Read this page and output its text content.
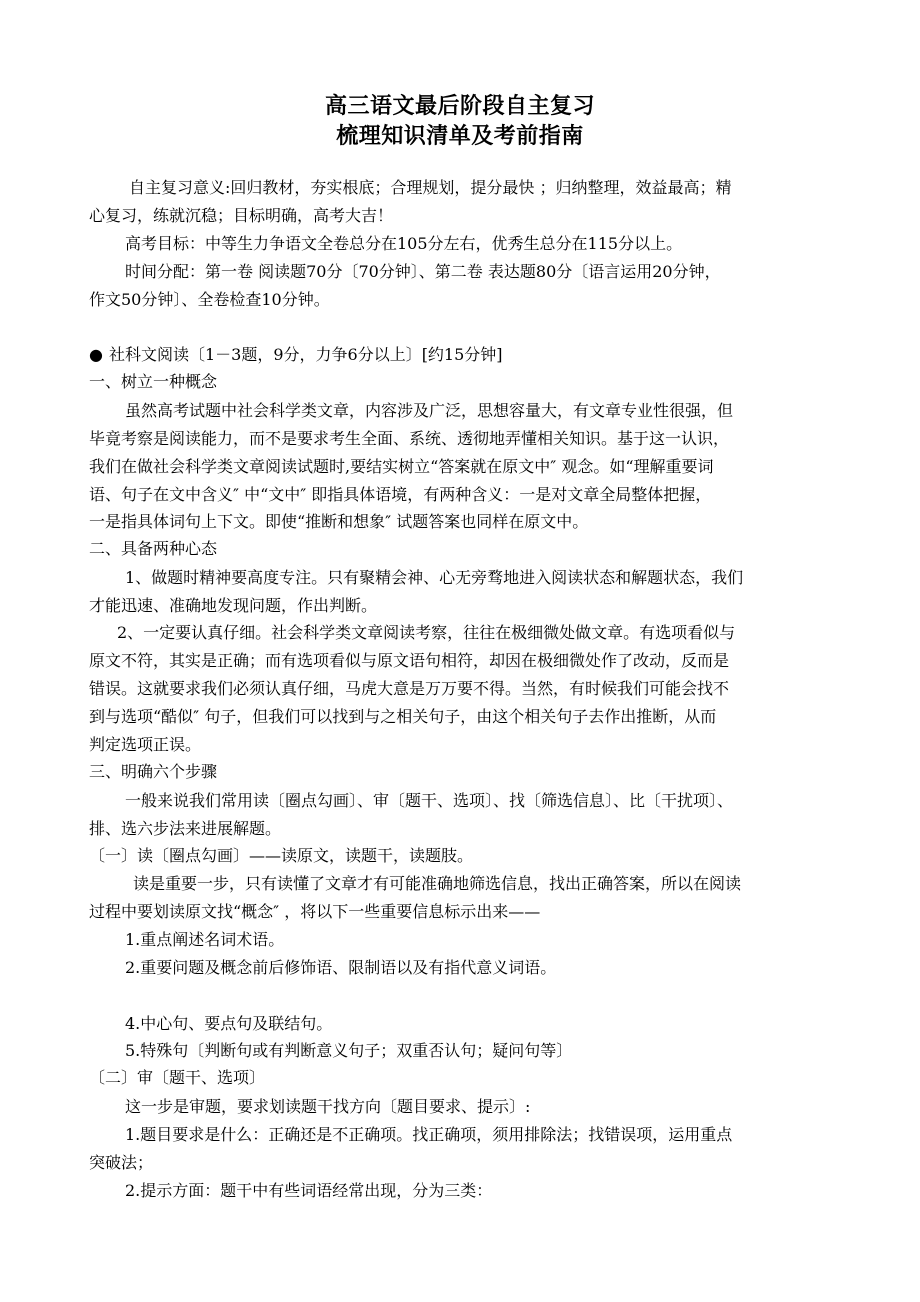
高三语文最后阶段自主复习
梳理知识清单及考前指南
自主复习意义:回归教材，夯实根底；合理规划，提分最快 ；归纳整理，效益最高；精
心复习，练就沉稳；目标明确，高考大吉！
高考目标：中等生力争语文全卷总分在105分左右，优秀生总分在115分以上。
时间分配：第一卷 阅读题70分〔70分钟〕、第二卷 表达题80分〔语言运用20分钟，
作文50分钟〕、全卷检查10分钟。
● 社科文阅读〔1－3题，9分，力争6分以上〕[约15分钟]
一、树立一种概念
虽然高考试题中社会科学类文章，内容涉及广泛，思想容量大，有文章专业性很强，但
毕竟考察是阅读能力，而不是要求考生全面、系统、透彻地弄懂相关知识。基于这一认识，
我们在做社会科学类文章阅读试题时,要结实树立“答案就在原文中″ 观念。如“理解重要词
语、句子在文中含义″ 中“文中″ 即指具体语境，有两种含义：一是对文章全局整体把握，
一是指具体词句上下文。即使“推断和想象″ 试题答案也同样在原文中。
二、具备两种心态
1、做题时精神要高度专注。只有聚精会神、心无旁骛地进入阅读状态和解题状态，我们
才能迅速、准确地发现问题，作出判断。
2、一定要认真仔细。社会科学类文章阅读考察，往往在极细微处做文章。有选项看似与
原文不符，其实是正确；而有选项看似与原文语句相符，却因在极细微处作了改动，反而是
错误。这就要求我们必须认真仔细，马虎大意是万万要不得。当然，有时候我们可能会找不
到与选项“酷似″ 句子，但我们可以找到与之相关句子，由这个相关句子去作出推断，从而
判定选项正误。
三、明确六个步骤
一般来说我们常用读〔圈点勾画〕、审〔题干、选项〕、找〔筛选信息〕、比〔干扰项〕、
排、选六步法来进展解题。
〔一〕读〔圈点勾画〕——读原文，读题干，读题肢。
读是重要一步，只有读懂了文章才有可能准确地筛选信息，找出正确答案，所以在阅读
过程中要划读原文找“概念″ ，将以下一些重要信息标示出来——
1.重点阐述名词术语。
2.重要问题及概念前后修饰语、限制语以及有指代意义词语。
4.中心句、要点句及联结句。
5.特殊句〔判断句或有判断意义句子；双重否认句；疑问句等〕
〔二〕审〔题干、选项〕
这一步是审题，要求划读题干找方向〔题目要求、提示〕:
1.题目要求是什么：正确还是不正确项。找正确项，须用排除法；找错误项，运用重点
突破法；
2.提示方面：题干中有些词语经常出现，分为三类：
